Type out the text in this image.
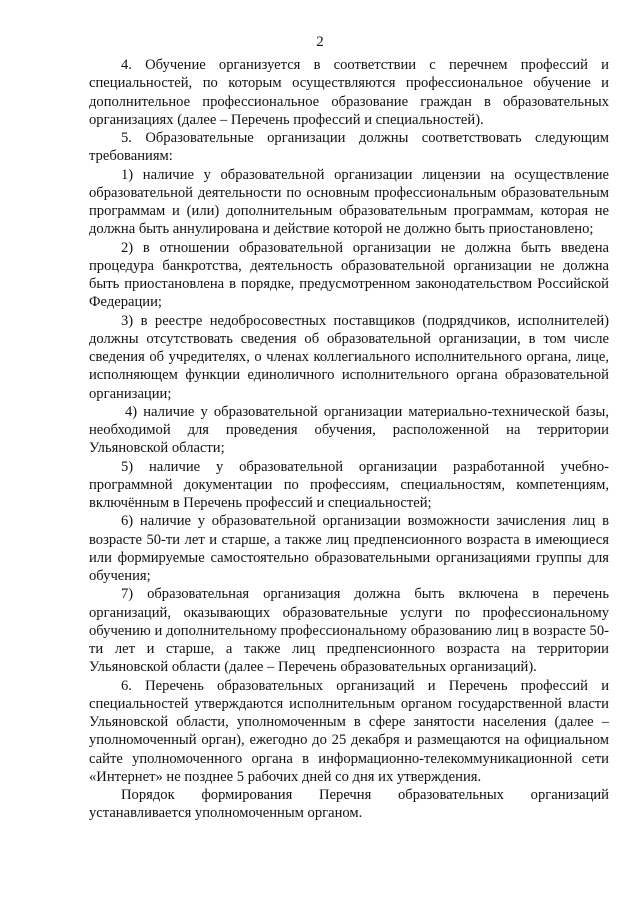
2

4. Обучение организуется в соответствии с перечнем профессий и специальностей, по которым осуществляются профессиональное обучение и дополнительное профессиональное образование граждан в образовательных организациях (далее – Перечень профессий и специальностей).

5. Образовательные организации должны соответствовать следующим требованиям:

1) наличие у образовательной организации лицензии на осуществление образовательной деятельности по основным профессиональным образовательным программам и (или) дополнительным образовательным программам, которая не должна быть аннулирована и действие которой не должно быть приостановлено;

2) в отношении образовательной организации не должна быть введена процедура банкротства, деятельность образовательной организации не должна быть приостановлена в порядке, предусмотренном законодательством Российской Федерации;

3) в реестре недобросовестных поставщиков (подрядчиков, исполнителей) должны отсутствовать сведения об образовательной организации, в том числе сведения об учредителях, о членах коллегиального исполнительного органа, лице, исполняющем функции единоличного исполнительного органа образовательной организации;

4) наличие у образовательной организации материально-технической базы, необходимой для проведения обучения, расположенной на территории Ульяновской области;

5) наличие у образовательной организации разработанной учебно-программной документации по профессиям, специальностям, компетенциям, включённым в Перечень профессий и специальностей;

6) наличие у образовательной организации возможности зачисления лиц в возрасте 50-ти лет и старше, а также лиц предпенсионного возраста в имеющиеся или формируемые самостоятельно образовательными организациями группы для обучения;

7) образовательная организация должна быть включена в перечень организаций, оказывающих образовательные услуги по профессиональному обучению и дополнительному профессиональному образованию лиц в возрасте 50-ти лет и старше, а также лиц предпенсионного возраста на территории Ульяновской области (далее – Перечень образовательных организаций).

6. Перечень образовательных организаций и Перечень профессий и специальностей утверждаются исполнительным органом государственной власти Ульяновской области, уполномоченным в сфере занятости населения (далее – уполномоченный орган), ежегодно до 25 декабря и размещаются на официальном сайте уполномоченного органа в информационно-телекоммуникационной сети «Интернет» не позднее 5 рабочих дней со дня их утверждения.

Порядок формирования Перечня образовательных организаций устанавливается уполномоченным органом.
